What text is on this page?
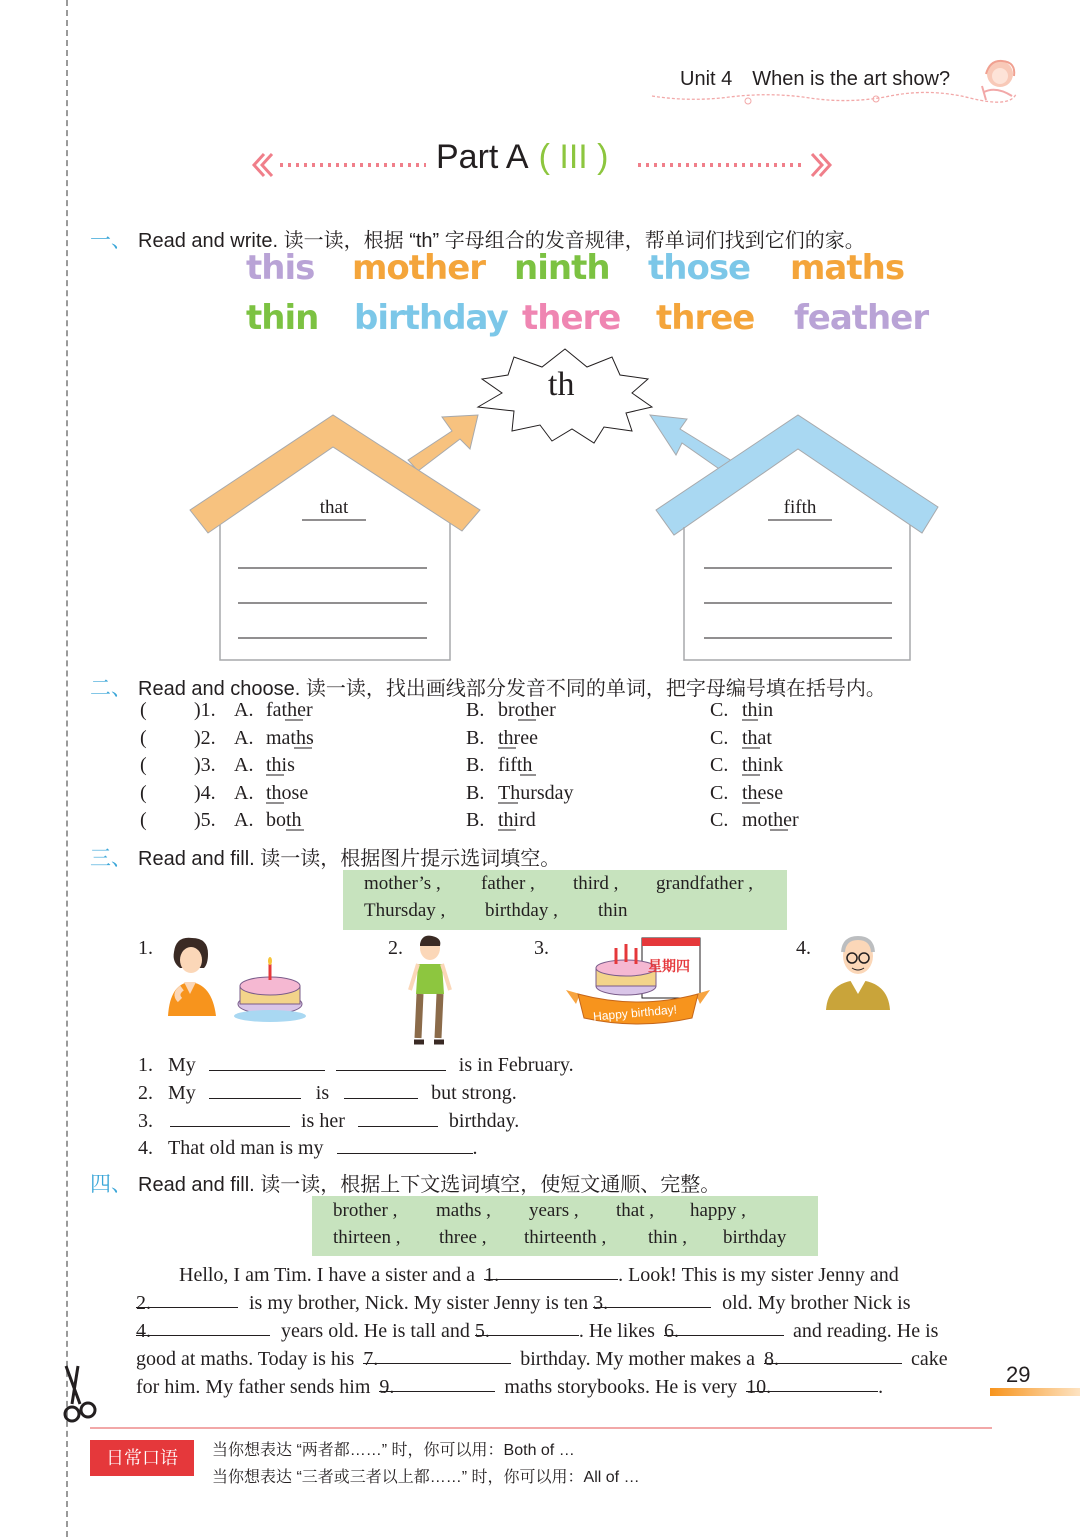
Unit 4 When is the art show?
Part A ( III )
一、 Read and write. 读一读，根据 “th” 字母组合的发音规律，帮单词们找到它们的家。
this mother ninth those maths
thin birthday there three feather
th
that	fifth
二、 Read and choose. 读一读，找出画线部分发音不同的单词，把字母编号填在括号内。
( )1. A. father	B. brother	C. thin
( )2. A. maths	B. three	C. that
( )3. A. this	B. fifth	C. think
( )4. A. those	B. Thursday	C. these
( )5. A. both	B. third	C. mother
三、 Read and fill. 读一读，根据图片提示选词填空。
mother’s , father , third , grandfather ,
Thursday , birthday , thin
1.	2.	3.	4.
星期四
Happy birthday!
1. My	is in February.
2. My	is	but strong.
3.	is her	birthday.
4. That old man is my	.
四、 Read and fill. 读一读，根据上下文选词填空，使短文通顺、完整。
brother , maths , years , that , happy ,
thirteen , three , thirteenth , thin , birthday
Hello, I am Tim. I have a sister and a 1.	. Look! This is my sister Jenny and
2.	is my brother, Nick. My sister Jenny is ten 3.	old. My brother Nick is
4.	years old. He is tall and 5.	. He likes 6.	and reading. He is
good at maths. Today is his 7.	birthday. My mother makes a 8.	cake
for him. My father sends him 9.	maths storybooks. He is very 10.	.	29
日常口语	当你想表达 “两者都……” 时，你可以用：Both of …
当你想表达 “三者或三者以上都……” 时，你可以用：All of …
